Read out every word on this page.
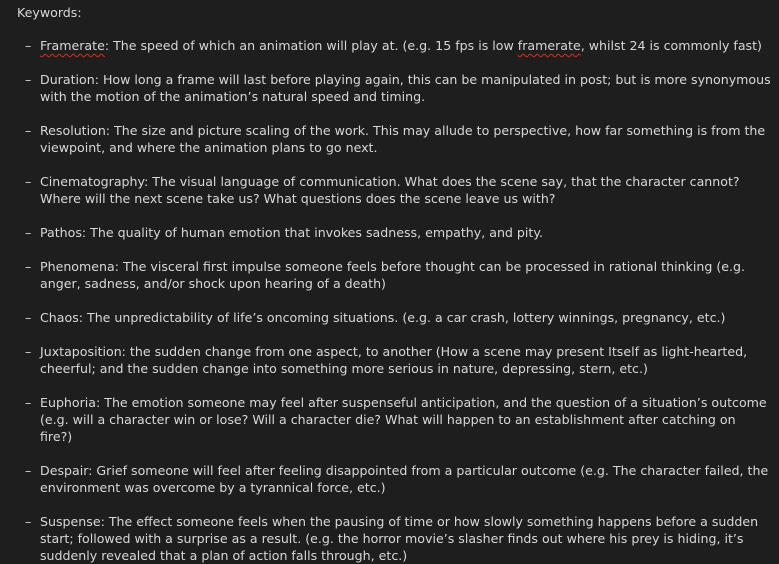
Keywords:
– Framerate: The speed of which an animation will play at. (e.g. 15 fps is low framerate, whilst 24 is commonly fast)
– Duration: How long a frame will last before playing again, this can be manipulated in post; but is more synonymous with the motion of the animation’s natural speed and timing.
– Resolution: The size and picture scaling of the work. This may allude to perspective, how far something is from the viewpoint, and where the animation plans to go next.
– Cinematography: The visual language of communication. What does the scene say, that the character cannot? Where will the next scene take us? What questions does the scene leave us with?
– Pathos: The quality of human emotion that invokes sadness, empathy, and pity.
– Phenomena: The visceral first impulse someone feels before thought can be processed in rational thinking (e.g. anger, sadness, and/or shock upon hearing of a death)
– Chaos: The unpredictability of life’s oncoming situations. (e.g. a car crash, lottery winnings, pregnancy, etc.)
– Juxtaposition: the sudden change from one aspect, to another (How a scene may present Itself as light-hearted, cheerful; and the sudden change into something more serious in nature, depressing, stern, etc.)
– Euphoria: The emotion someone may feel after suspenseful anticipation, and the question of a situation’s outcome (e.g. will a character win or lose? Will a character die? What will happen to an establishment after catching on fire?)
– Despair: Grief someone will feel after feeling disappointed from a particular outcome (e.g. The character failed, the environment was overcome by a tyrannical force, etc.)
– Suspense: The effect someone feels when the pausing of time or how slowly something happens before a sudden start; followed with a surprise as a result. (e.g. the horror movie’s slasher finds out where his prey is hiding, it’s suddenly revealed that a plan of action falls through, etc.)
